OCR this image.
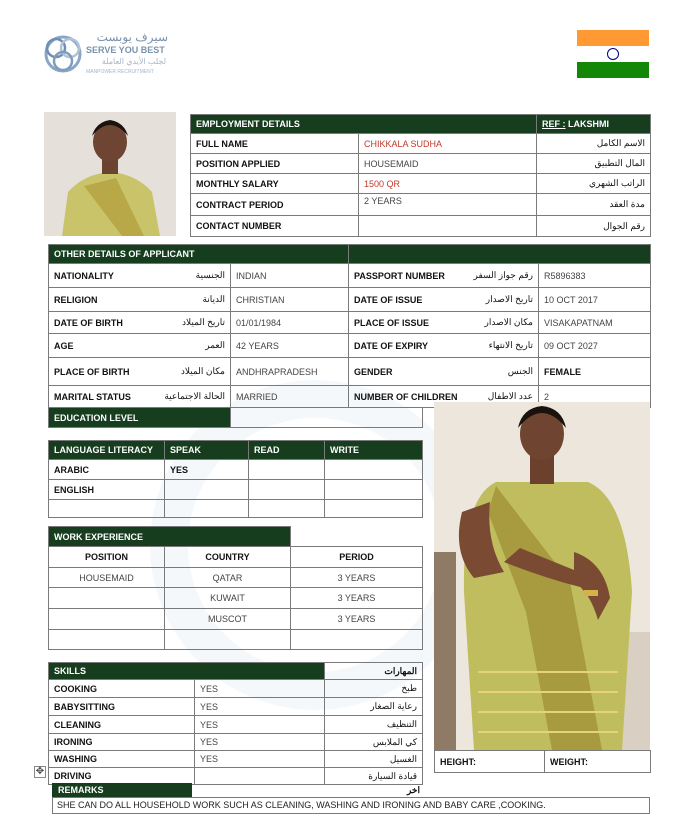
سيرف يوبست
SERVE YOU BEST
لجلب الأيدي العاملة
MANPOWER RECRUITMENT
EMPLOYMENT DETAILS		REF : LAKSHMI
FULL NAME	CHIKKALA SUDHA	الاسم الكامل
POSITION APPLIED	HOUSEMAID	المال التطبيق
MONTHLY SALARY	1500 QR	الراتب الشهري
CONTRACT PERIOD	2 YEARS	مدة العقد
CONTACT NUMBER		رقم الجوال
OTHER DETAILS OF APPLICANT			

NATIONALITY الجنسية	INDIAN	PASSPORT NUMBER رقم جواز السفر	R5896383

RELIGION الديانة	CHRISTIAN	DATE OF ISSUE تاريخ الاصدار	10 OCT 2017

DATE OF BIRTH تاريخ الميلاد	01/01/1984	PLACE OF ISSUE مكان الاصدار	VISAKAPATNAM

AGE العمر	42 YEARS	DATE OF EXPIRY تاريخ الانتهاء	09 OCT 2027

PLACE OF BIRTH مكان الميلاد	ANDHRAPRADESH	GENDER الجنس	FEMALE

MARITAL STATUS الحالة الاجتماعية	MARRIED	NUMBER OF CHILDREN عدد الاطفال	2
EDUCATION LEVEL	
LANGUAGE LITERACY	SPEAK	READ	WRITE
ARABIC	YES		
ENGLISH			

WORK EXPERIENCE		
POSITION	COUNTRY	PERIOD
HOUSEMAID	QATAR	3 YEARS
	KUWAIT	3 YEARS
	MUSCOT	3 YEARS

SKILLS		المهارات
COOKING	YES	طبخ
BABYSITTING	YES	رعاية الصغار
CLEANING	YES	التنظيف
IRONING	YES	كي الملابس
WASHING	YES	الغسيل
DRIVING		قيادة السيارة
✥
REMARKS	اخر
SHE CAN DO ALL HOUSEHOLD WORK SUCH AS CLEANING, WASHING AND IRONING AND BABY CARE ,COOKING.
HEIGHT:	WEIGHT:
